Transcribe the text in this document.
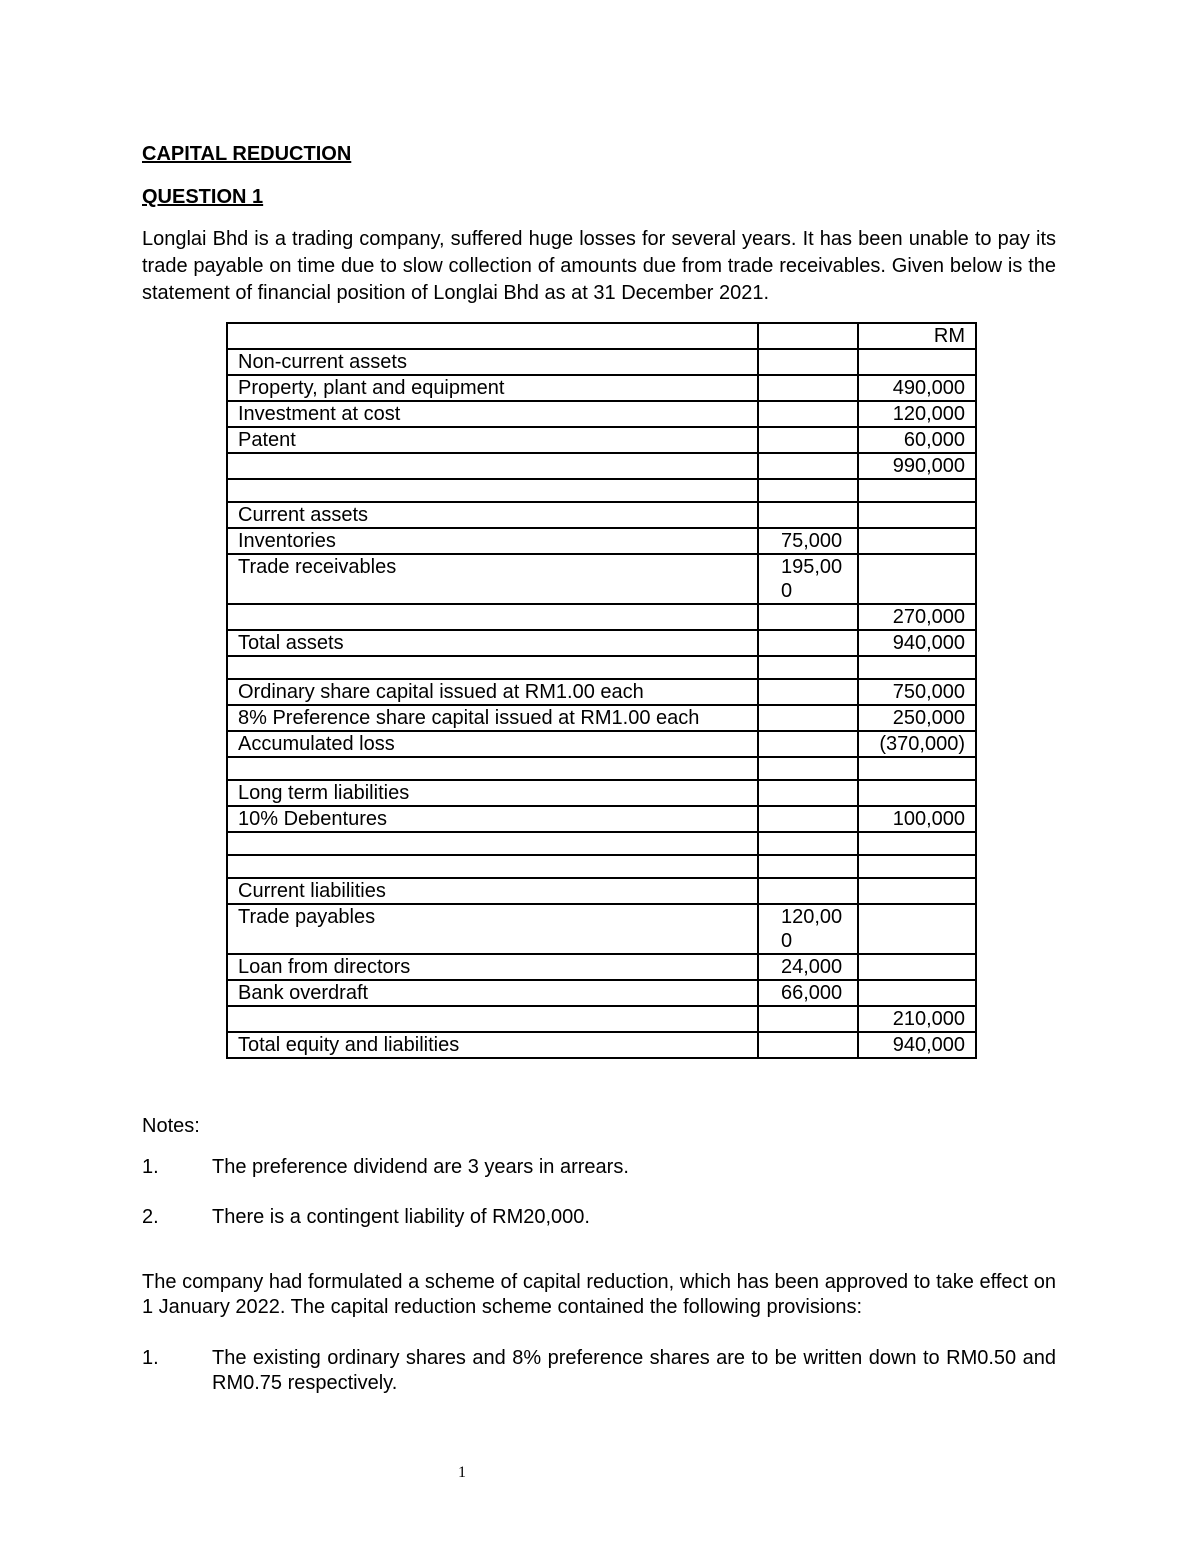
CAPITAL REDUCTION
QUESTION 1
Longlai Bhd is a trading company, suffered huge losses for several years. It has been unable to pay its trade payable on time due to slow collection of amounts due from trade receivables. Given below is the statement of financial position of Longlai Bhd as at 31 December 2021.
		RM
Non-current assets		
Property, plant and equipment		490,000
Investment at cost		120,000
Patent		60,000
		990,000

Current assets		
Inventories	75,000	
Trade receivables	195,000	
		270,000
Total assets		940,000

Ordinary share capital issued at RM1.00 each		750,000
8% Preference share capital issued at RM1.00 each		250,000
Accumulated loss		(370,000)

Long term liabilities		
10% Debentures		100,000

Current liabilities		
Trade payables	120,000	
Loan from directors	24,000	
Bank overdraft	66,000	
		210,000
Total equity and liabilities		940,000
Notes:
1.	The preference dividend are 3 years in arrears.
2.	There is a contingent liability of RM20,000.
The company had formulated a scheme of capital reduction, which has been approved to take effect on 1 January 2022. The capital reduction scheme contained the following provisions:
1.	The existing ordinary shares and 8% preference shares are to be written down to RM0.50 and RM0.75 respectively.
1
